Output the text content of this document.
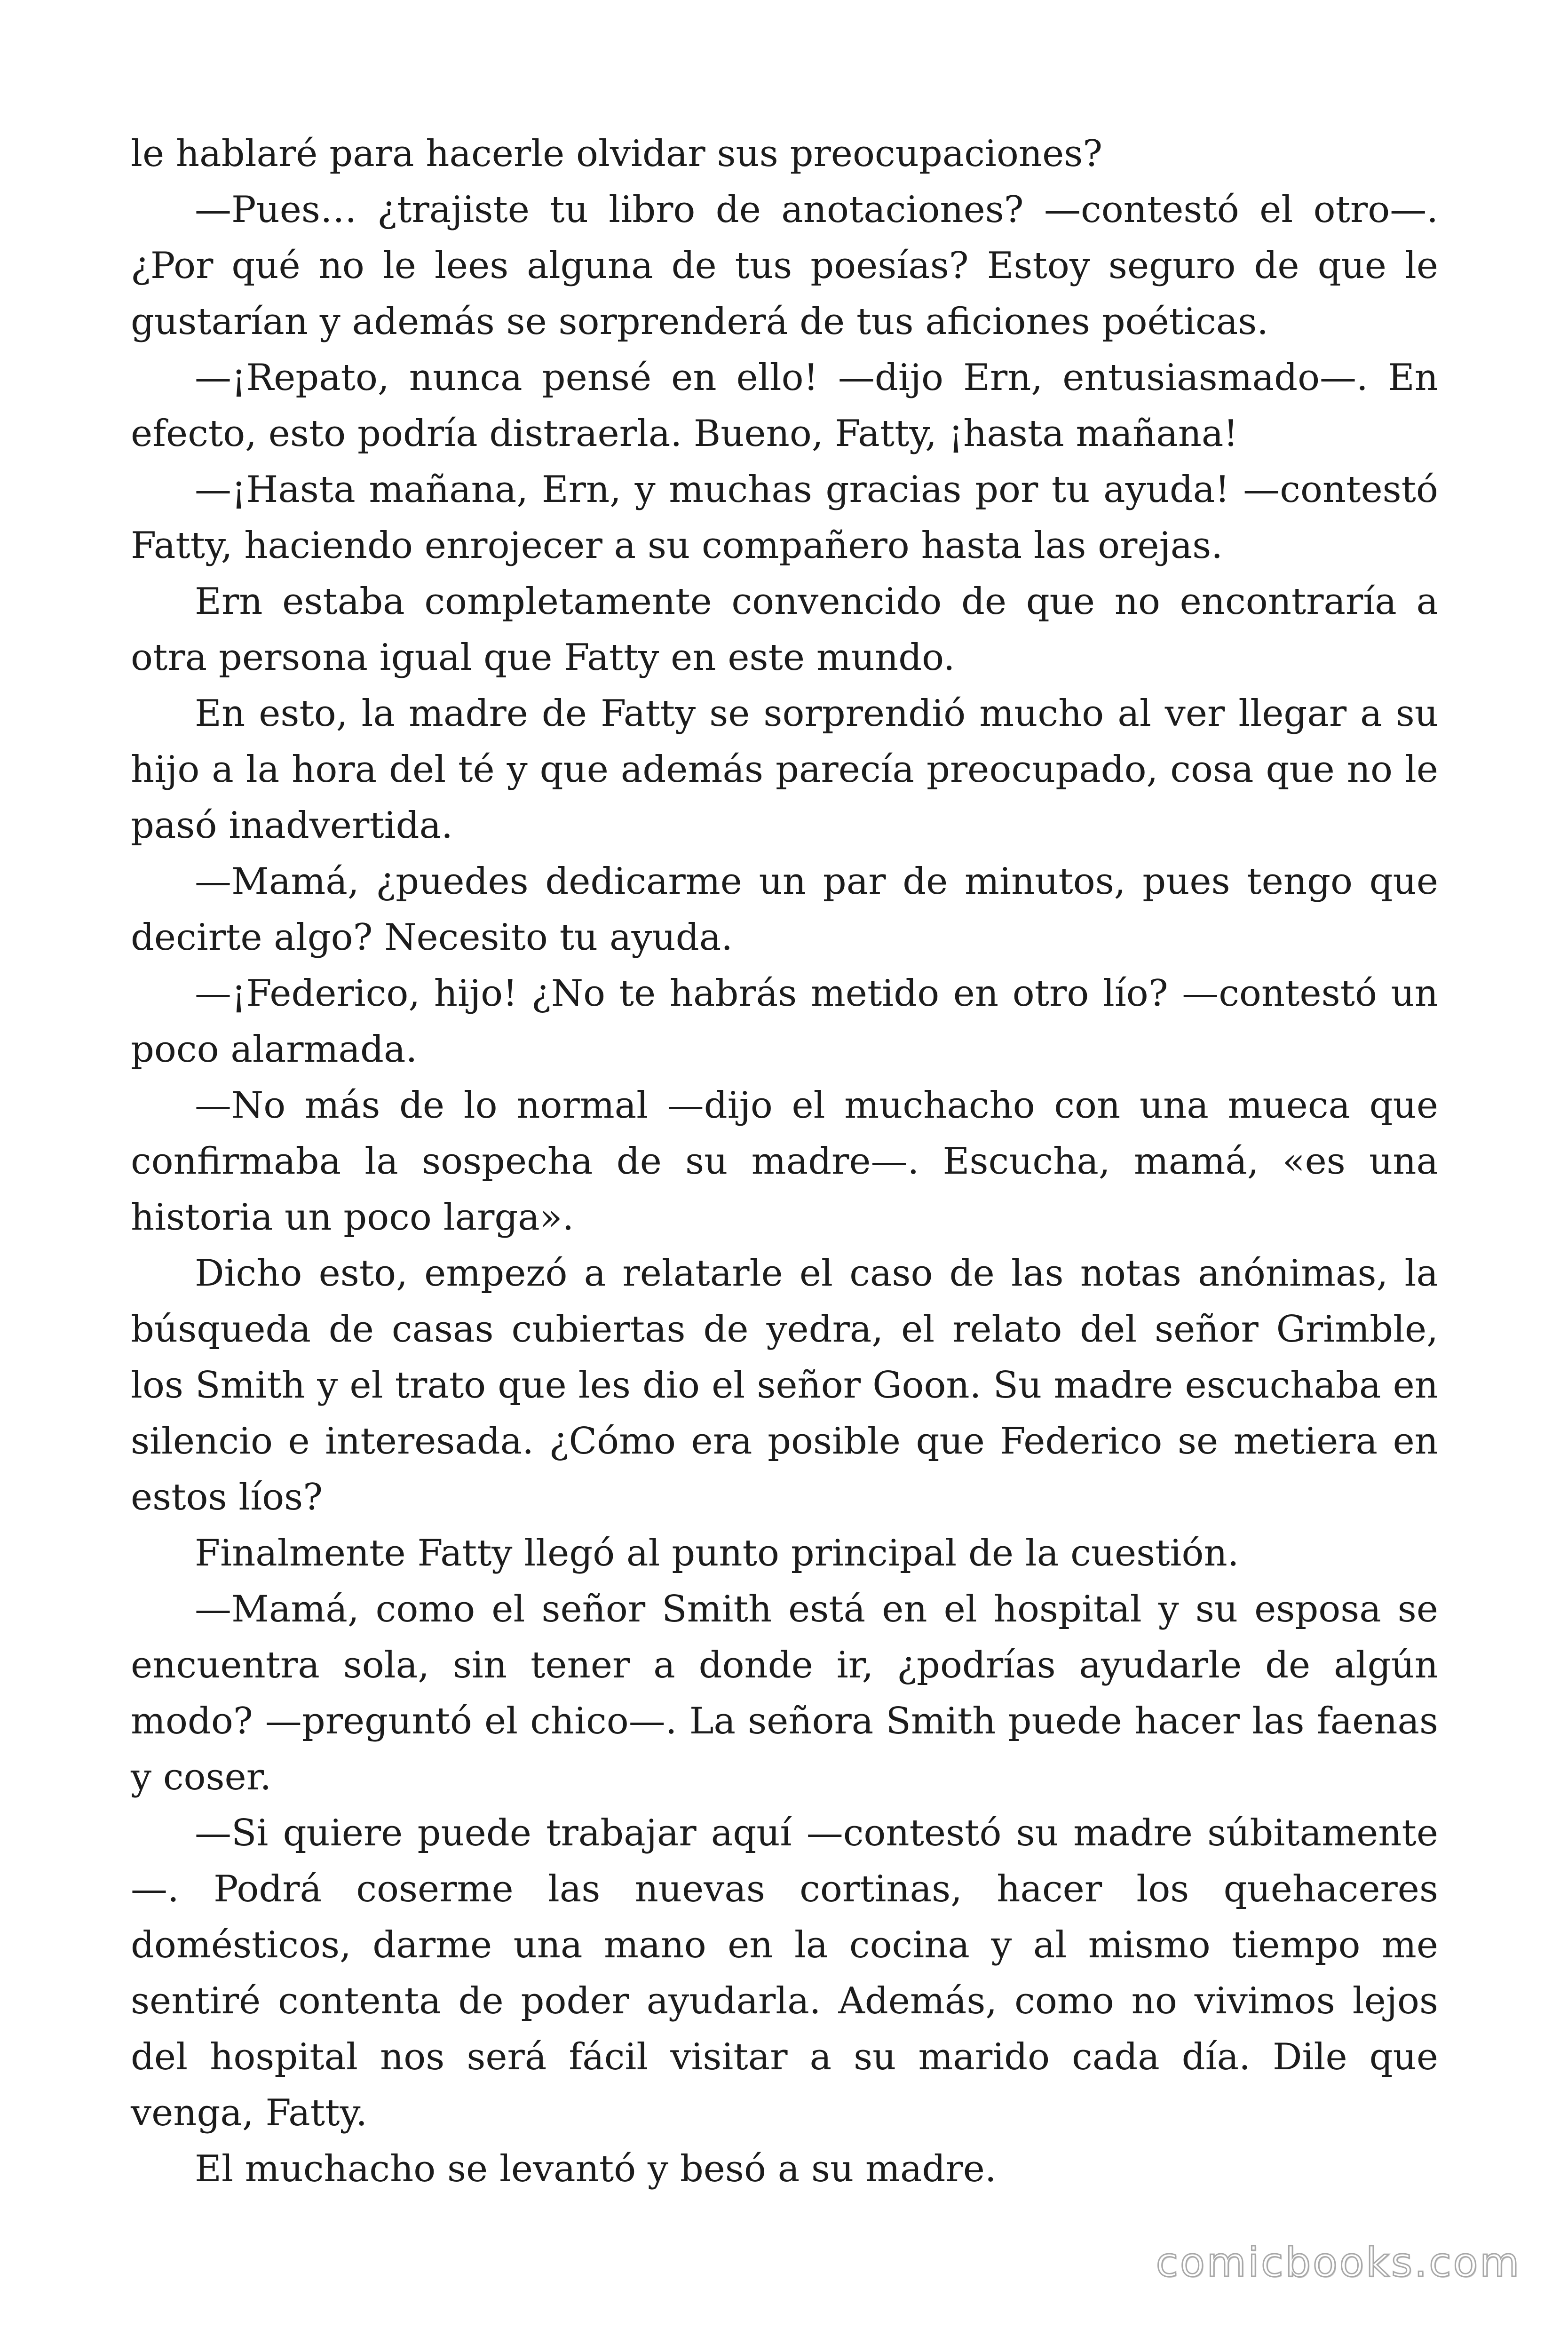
le hablaré para hacerle olvidar sus preocupaciones?

—Pues… ¿trajiste tu libro de anotaciones? —contestó el otro—. ¿Por qué no le lees alguna de tus poesías? Estoy seguro de que le gustarían y además se sorprenderá de tus aficiones poéticas.

—¡Repato, nunca pensé en ello! —dijo Ern, entusiasmado—. En efecto, esto podría distraerla. Bueno, Fatty, ¡hasta mañana!

—¡Hasta mañana, Ern, y muchas gracias por tu ayuda! —contestó Fatty, haciendo enrojecer a su compañero hasta las orejas.

Ern estaba completamente convencido de que no encontraría a otra persona igual que Fatty en este mundo.

En esto, la madre de Fatty se sorprendió mucho al ver llegar a su hijo a la hora del té y que además parecía preocupado, cosa que no le pasó inadvertida.

—Mamá, ¿puedes dedicarme un par de minutos, pues tengo que decirte algo? Necesito tu ayuda.

—¡Federico, hijo! ¿No te habrás metido en otro lío? —contestó un poco alarmada.

—No más de lo normal —dijo el muchacho con una mueca que confirmaba la sospecha de su madre—. Escucha, mamá, «es una historia un poco larga».

Dicho esto, empezó a relatarle el caso de las notas anónimas, la búsqueda de casas cubiertas de yedra, el relato del señor Grimble, los Smith y el trato que les dio el señor Goon. Su madre escuchaba en silencio e interesada. ¿Cómo era posible que Federico se metiera en estos líos?

Finalmente Fatty llegó al punto principal de la cuestión.

—Mamá, como el señor Smith está en el hospital y su esposa se encuentra sola, sin tener a donde ir, ¿podrías ayudarle de algún modo? —preguntó el chico—. La señora Smith puede hacer las faenas y coser.

—Si quiere puede trabajar aquí —contestó su madre súbitamente—. Podrá coserme las nuevas cortinas, hacer los quehaceres domésticos, darme una mano en la cocina y al mismo tiempo me sentiré contenta de poder ayudarla. Además, como no vivimos lejos del hospital nos será fácil visitar a su marido cada día. Dile que venga, Fatty.

El muchacho se levantó y besó a su madre.

comicbooks.com
